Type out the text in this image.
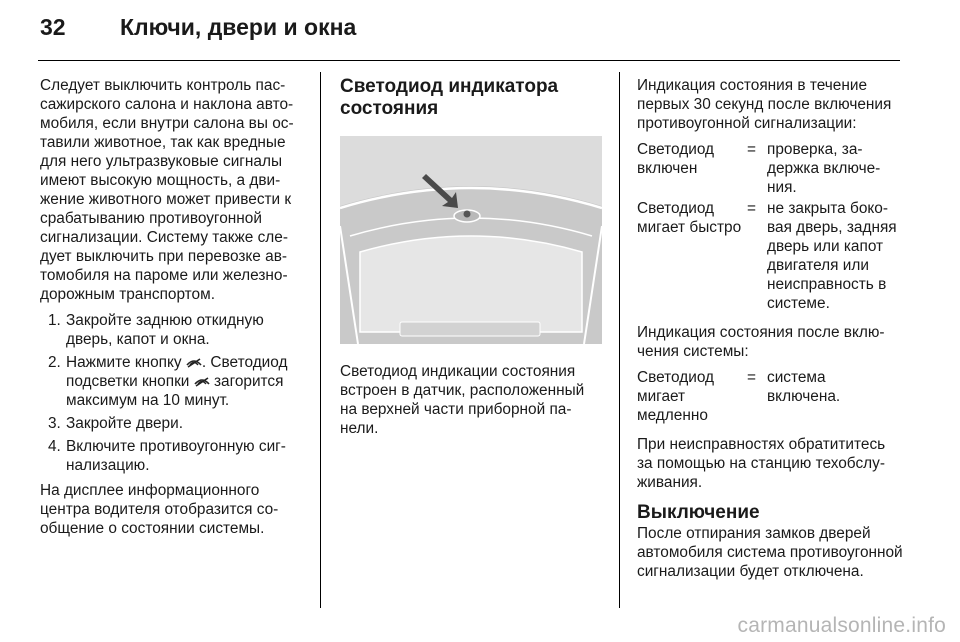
32 Ключи, двери и окна

Следует выключить контроль пассажирского салона и наклона автомобиля, если внутри салона вы оставили животное, так как вредные для него ультразвуковые сигналы имеют высокую мощность, а движение животного может привести к срабатыванию противоугонной сигнализации. Систему также следует выключить при перевозке автомобиля на пароме или железнодорожным транспортом.

1. Закройте заднюю откидную дверь, капот и окна.
2. Нажмите кнопку . Светодиод подсветки кнопки  загорится максимум на 10 минут.
3. Закройте двери.
4. Включите противоугонную сигнализацию.

На дисплее информационного центра водителя отобразится сообщение о состоянии системы.

Светодиод индикатора состояния

Светодиод индикации состояния встроен в датчик, расположенный на верхней части приборной панели.

Индикация состояния в течение первых 30 секунд после включения противоугонной сигнализации:

Светодиод включен
= проверка, задержка включения.
Светодиод мигает быстро
= не закрыта боковая дверь, задняя дверь или капот двигателя или неисправность в системе.

Индикация состояния после включения системы:

Светодиод мигает медленно
= система включена.

При неисправностях обратититесь за помощью на станцию техобслуживания.

Выключение

После отпирания замков дверей автомобиля система противоугонной сигнализации будет отключена.

carmanualsonline.info
